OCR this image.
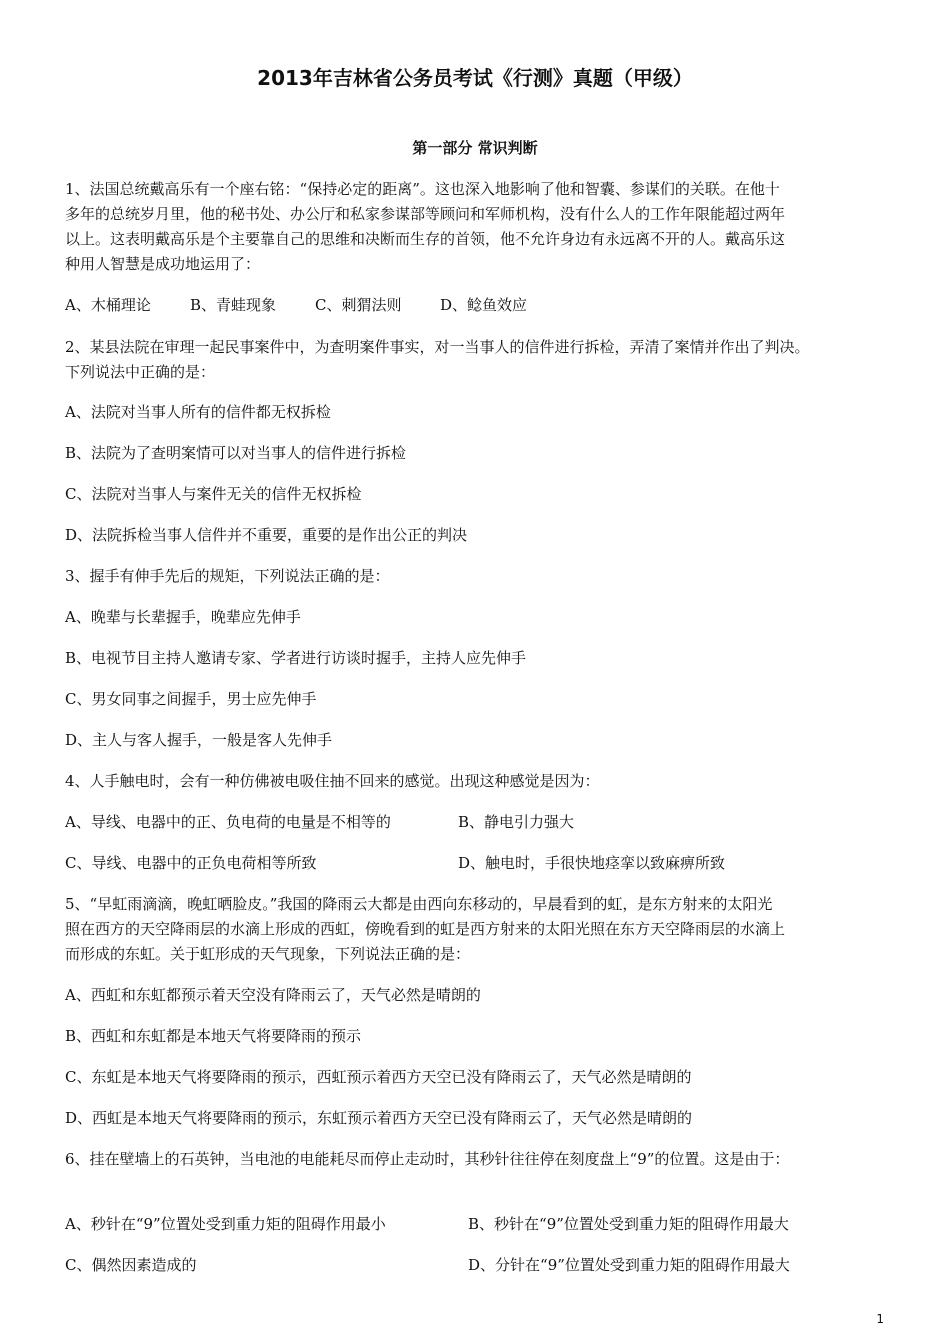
2013年吉林省公务员考试《行测》真题（甲级）
第一部分 常识判断

1、法国总统戴高乐有一个座右铭：“保持必定的距离”。这也深入地影响了他和智囊、参谋们的关联。在他十

多年的总统岁月里，他的秘书处、办公厅和私家参谋部等顾问和军师机构，没有什么人的工作年限能超过两年

以上。这表明戴高乐是个主要靠自己的思维和决断而生存的首领，他不允许身边有永远离不开的人。戴高乐这

种用人智慧是成功地运用了：

A、木桶理论	B、青蛙现象	C、刺猬法则	D、鲶鱼效应

2、某县法院在审理一起民事案件中，为查明案件事实，对一当事人的信件进行拆检，弄清了案情并作出了判决。

下列说法中正确的是：

A、法院对当事人所有的信件都无权拆检

B、法院为了查明案情可以对当事人的信件进行拆检

C、法院对当事人与案件无关的信件无权拆检

D、法院拆检当事人信件并不重要，重要的是作出公正的判决

3、握手有伸手先后的规矩，下列说法正确的是：

A、晚辈与长辈握手，晚辈应先伸手

B、电视节目主持人邀请专家、学者进行访谈时握手，主持人应先伸手

C、男女同事之间握手，男士应先伸手

D、主人与客人握手，一般是客人先伸手

4、人手触电时，会有一种仿佛被电吸住抽不回来的感觉。出现这种感觉是因为：

A、导线、电器中的正、负电荷的电量是不相等的	B、静电引力强大
C、导线、电器中的正负电荷相等所致	D、触电时，手很快地痉挛以致麻痹所致

5、“早虹雨滴滴，晚虹晒脸皮。”我国的降雨云大都是由西向东移动的，早晨看到的虹，是东方射来的太阳光

照在西方的天空降雨层的水滴上形成的西虹，傍晚看到的虹是西方射来的太阳光照在东方天空降雨层的水滴上

而形成的东虹。关于虹形成的天气现象，下列说法正确的是：

A、西虹和东虹都预示着天空没有降雨云了，天气必然是晴朗的

B、西虹和东虹都是本地天气将要降雨的预示

C、东虹是本地天气将要降雨的预示，西虹预示着西方天空已没有降雨云了，天气必然是晴朗的

D、西虹是本地天气将要降雨的预示，东虹预示着西方天空已没有降雨云了，天气必然是晴朗的

6、挂在壁墙上的石英钟，当电池的电能耗尽而停止走动时，其秒针往往停在刻度盘上“9”的位置。这是由于：

A、秒针在“9”位置处受到重力矩的阻碍作用最小	B、秒针在“9”位置处受到重力矩的阻碍作用最大
C、偶然因素造成的	D、分针在“9”位置处受到重力矩的阻碍作用最大
1
